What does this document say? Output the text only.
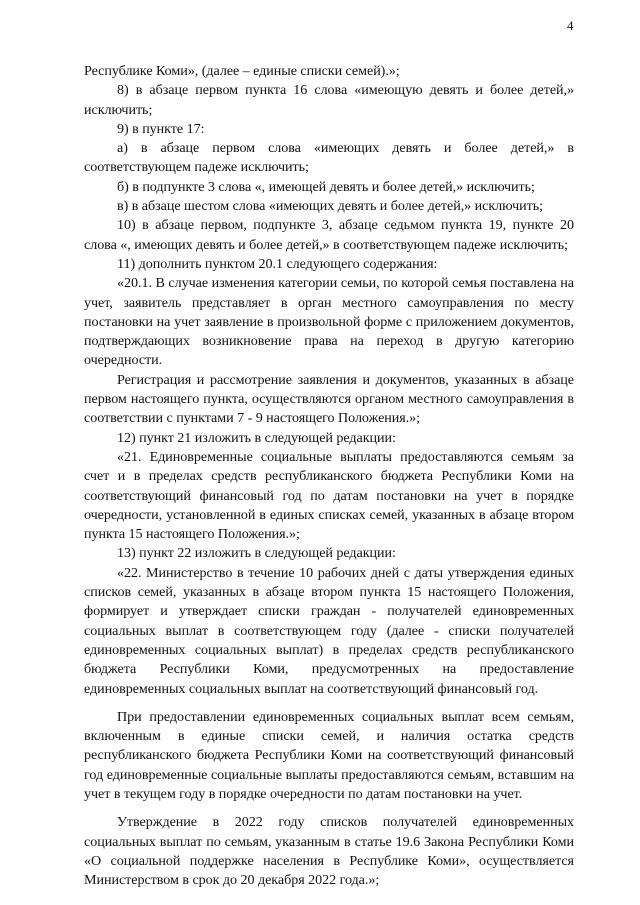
4

Республике Коми», (далее – единые списки семей).»;

8) в абзаце первом пункта 16 слова «имеющую девять и более детей,» исключить;

9) в пункте 17:

а) в абзаце первом слова «имеющих девять и более детей,» в соответствующем падеже исключить;

б) в подпункте 3 слова «, имеющей девять и более детей,» исключить;

в) в абзаце шестом слова «имеющих девять и более детей,» исключить;

10) в абзаце первом, подпункте 3, абзаце седьмом пункта 19, пункте 20 слова «, имеющих девять и более детей,» в соответствующем падеже исключить;

11) дополнить пунктом 20.1 следующего содержания:

«20.1. В случае изменения категории семьи, по которой семья поставлена на учет, заявитель представляет в орган местного самоуправления по месту постановки на учет заявление в произвольной форме с приложением документов, подтверждающих возникновение права на переход в другую категорию очередности.

Регистрация и рассмотрение заявления и документов, указанных в абзаце первом настоящего пункта, осуществляются органом местного самоуправления в соответствии с пунктами 7 - 9 настоящего Положения.»;

12) пункт 21 изложить в следующей редакции:

«21. Единовременные социальные выплаты предоставляются семьям за счет и в пределах средств республиканского бюджета Республики Коми на соответствующий финансовый год по датам постановки на учет в порядке очередности, установленной в единых списках семей, указанных в абзаце втором пункта 15 настоящего Положения.»;

13) пункт 22 изложить в следующей редакции:

«22. Министерство в течение 10 рабочих дней с даты утверждения единых списков семей, указанных в абзаце втором пункта 15 настоящего Положения, формирует и утверждает списки граждан - получателей единовременных социальных выплат в соответствующем году (далее - списки получателей единовременных социальных выплат) в пределах средств республиканского бюджета Республики Коми, предусмотренных на предоставление единовременных социальных выплат на соответствующий финансовый год.

При предоставлении единовременных социальных выплат всем семьям, включенным в единые списки семей, и наличия остатка средств республиканского бюджета Республики Коми на соответствующий финансовый год единовременные социальные выплаты предоставляются семьям, вставшим на учет в текущем году в порядке очередности по датам постановки на учет.

Утверждение в 2022 году списков получателей единовременных социальных выплат по семьям, указанным в статье 19.6 Закона Республики Коми «О социальной поддержке населения в Республике Коми», осуществляется Министерством в срок до 20 декабря 2022 года.»;
